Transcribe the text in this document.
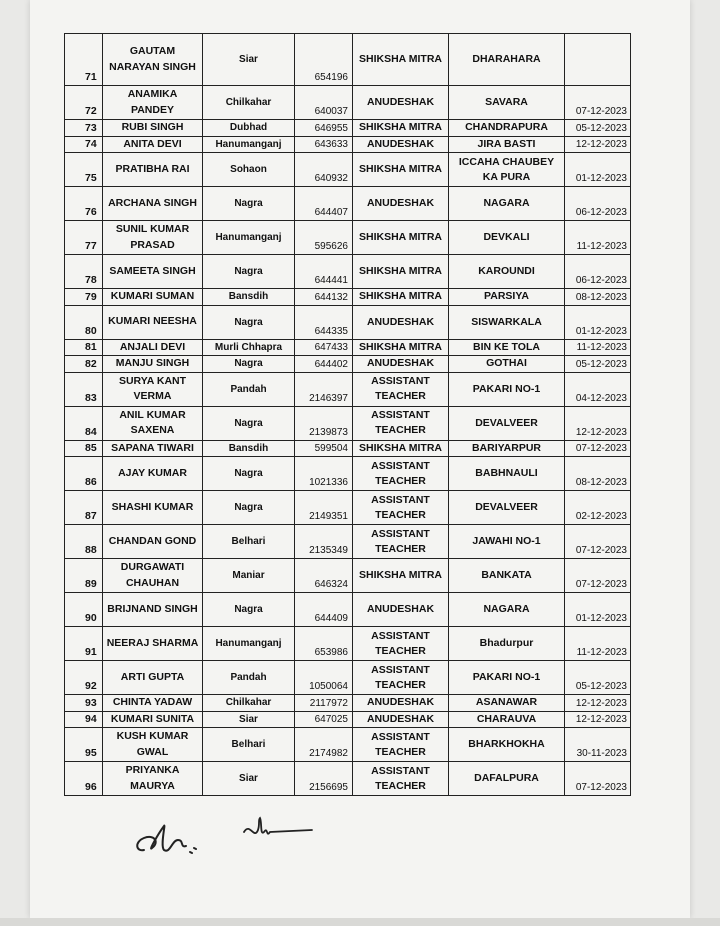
71	GAUTAM NARAYAN SINGH	Siar	654196	SHIKSHA MITRA	DHARAHARA	
72	ANAMIKA PANDEY	Chilkahar	640037	ANUDESHAK	SAVARA	07-12-2023
73	RUBI SINGH	Dubhad	646955	SHIKSHA MITRA	CHANDRAPURA	05-12-2023
74	ANITA DEVI	Hanumanganj	643633	ANUDESHAK	JIRA BASTI	12-12-2023
75	PRATIBHA RAI	Sohaon	640932	SHIKSHA MITRA	ICCAHA CHAUBEY KA PURA	01-12-2023
76	ARCHANA SINGH	Nagra	644407	ANUDESHAK	NAGARA	06-12-2023
77	SUNIL KUMAR PRASAD	Hanumanganj	595626	SHIKSHA MITRA	DEVKALI	11-12-2023
78	SAMEETA SINGH	Nagra	644441	SHIKSHA MITRA	KAROUNDI	06-12-2023
79	KUMARI SUMAN	Bansdih	644132	SHIKSHA MITRA	PARSIYA	08-12-2023
80	KUMARI NEESHA	Nagra	644335	ANUDESHAK	SISWARKALA	01-12-2023
81	ANJALI DEVI	Murli Chhapra	647433	SHIKSHA MITRA	BIN KE TOLA	11-12-2023
82	MANJU SINGH	Nagra	644402	ANUDESHAK	GOTHAI	05-12-2023
83	SURYA KANT VERMA	Pandah	2146397	ASSISTANT TEACHER	PAKARI NO-1	04-12-2023
84	ANIL KUMAR SAXENA	Nagra	2139873	ASSISTANT TEACHER	DEVALVEER	12-12-2023
85	SAPANA TIWARI	Bansdih	599504	SHIKSHA MITRA	BARIYARPUR	07-12-2023
86	AJAY KUMAR	Nagra	1021336	ASSISTANT TEACHER	BABHNAULI	08-12-2023
87	SHASHI KUMAR	Nagra	2149351	ASSISTANT TEACHER	DEVALVEER	02-12-2023
88	CHANDAN GOND	Belhari	2135349	ASSISTANT TEACHER	JAWAHI NO-1	07-12-2023
89	DURGAWATI CHAUHAN	Maniar	646324	SHIKSHA MITRA	BANKATA	07-12-2023
90	BRIJNAND SINGH	Nagra	644409	ANUDESHAK	NAGARA	01-12-2023
91	NEERAJ SHARMA	Hanumanganj	653986	ASSISTANT TEACHER	Bhadurpur	11-12-2023
92	ARTI GUPTA	Pandah	1050064	ASSISTANT TEACHER	PAKARI NO-1	05-12-2023
93	CHINTA YADAW	Chilkahar	2117972	ANUDESHAK	ASANAWAR	12-12-2023
94	KUMARI SUNITA	Siar	647025	ANUDESHAK	CHARAUVA	12-12-2023
95	KUSH KUMAR GWAL	Belhari	2174982	ASSISTANT TEACHER	BHARKHOKHA	30-11-2023
96	PRIYANKA MAURYA	Siar	2156695	ASSISTANT TEACHER	DAFALPURA	07-12-2023
